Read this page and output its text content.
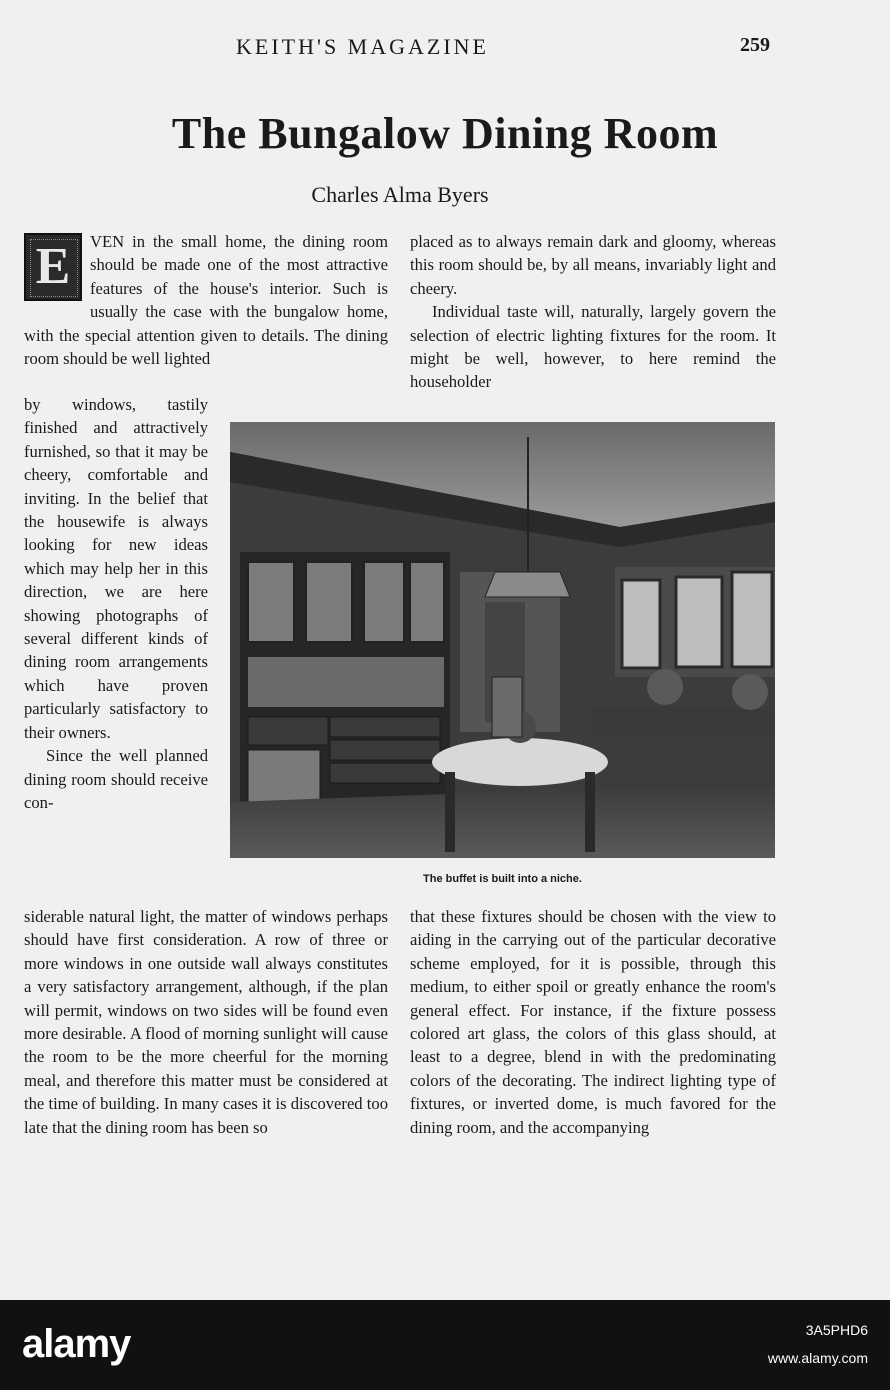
KEITH'S MAGAZINE	259
The Bungalow Dining Room
Charles Alma Byers
E	VEN in the small home, the dining room should be made one of the most attractive features of the house's interior. Such is usually the case with the bungalow home, with the special attention given to details. The dining room should be well lighted

by windows, tastily finished and attractively furnished, so that it may be cheery, comfortable and inviting. In the belief that the housewife is always looking for new ideas which may help her in this direction, we are here showing photographs of several different kinds of dining room arrangements which have proven particularly satisfactory to their owners.

Since the well planned dining room should receive con-

placed as to always remain dark and gloomy, whereas this room should be, by all means, invariably light and cheery.

Individual taste will, naturally, largely govern the selection of electric lighting fixtures for the room. It might be well, however, to here remind the householder

The buffet is built into a niche.

siderable natural light, the matter of windows perhaps should have first consideration. A row of three or more windows in one outside wall always constitutes a very satisfactory arrangement, although, if the plan will permit, windows on two sides will be found even more desirable. A flood of morning sunlight will cause the room to be the more cheerful for the morning meal, and therefore this matter must be considered at the time of building. In many cases it is discovered too late that the dining room has been so

that these fixtures should be chosen with the view to aiding in the carrying out of the particular decorative scheme employed, for it is possible, through this medium, to either spoil or greatly enhance the room's general effect. For instance, if the fixture possess colored art glass, the colors of this glass should, at least to a degree, blend in with the predominating colors of the decorating. The indirect lighting type of fixtures, or inverted dome, is much favored for the dining room, and the accompanying

alamy	3A5PHD6
www.alamy.com
